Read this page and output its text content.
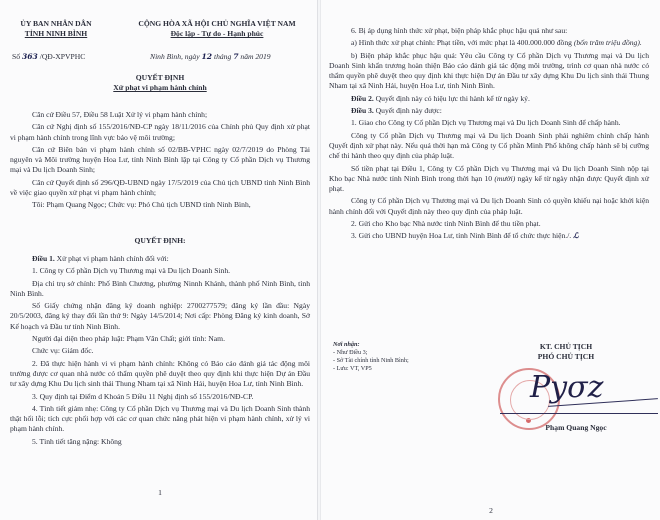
ỦY BAN NHÂN DÂN

TỈNH NINH BÌNH

CỘNG HÒA XÃ HỘI CHỦ NGHĨA VIỆT NAM

Độc lập - Tự do - Hạnh phúc

Số 363 /QĐ-XPVPHC	Ninh Bình, ngày 12 tháng 7 năm 2019

QUYẾT ĐỊNH

Xử phạt vi phạm hành chính

Căn cứ Điều 57, Điều 58 Luật Xử lý vi phạm hành chính;

Căn cứ Nghị định số 155/2016/NĐ-CP ngày 18/11/2016 của Chính phủ Quy định xử phạt vi phạm hành chính trong lĩnh vực bảo vệ môi trường;

Căn cứ Biên bản vi phạm hành chính số 02/BB-VPHC ngày 02/7/2019 do Phòng Tài nguyên và Môi trường huyện Hoa Lư, tỉnh Ninh Bình lập tại Công ty Cổ phần Dịch vụ Thương mại và Du lịch Doanh Sinh;

Căn cứ Quyết định số 296/QĐ-UBND ngày 17/5/2019 của Chủ tịch UBND tỉnh Ninh Bình về việc giao quyền xử phạt vi phạm hành chính;

Tôi: Phạm Quang Ngọc; Chức vụ: Phó Chủ tịch UBND tỉnh Ninh Bình,

QUYẾT ĐỊNH:

Điều 1. Xử phạt vi phạm hành chính đối với:

1. Công ty Cổ phần Dịch vụ Thương mại và Du lịch Doanh Sinh.

Địa chỉ trụ sở chính: Phố Bình Chương, phường Ninnh Khánh, thành phố Ninh Bình, tỉnh Ninh Bình.

Số Giấy chứng nhận đăng ký doanh nghiệp: 2700277579; đăng ký lần đầu: Ngày 20/5/2003, đăng ký thay đổi lần thứ 9: Ngày 14/5/2014; Nơi cấp: Phòng Đăng ký kinh doanh, Sở Kế hoạch và Đầu tư tỉnh Ninh Bình.

Người đại diện theo pháp luật: Phạm Văn Chất; giới tính: Nam.

Chức vụ: Giám đốc.

2. Đã thực hiện hành vi vi phạm hành chính: Không có Báo cáo đánh giá tác động môi trường được cơ quan nhà nước có thẩm quyền phê duyệt theo quy định khi thực hiện Dự án Đầu tư xây dựng Khu Du lịch sinh thái Thung Nham tại xã Ninh Hải, huyện Hoa Lư, tỉnh Ninh Bình.

3. Quy định tại Điểm d Khoản 5 Điều 11 Nghị định số 155/2016/NĐ-CP.

4. Tình tiết giảm nhẹ: Công ty Cổ phần Dịch vụ Thương mại và Du lịch Doanh Sinh thành thật hối lỗi; tích cực phối hợp với các cơ quan chức năng phát hiện vi phạm hành chính, xử lý vi phạm hành chính.

5. Tình tiết tăng nặng: Không

1

6. Bị áp dụng hình thức xử phạt, biện pháp khắc phục hậu quả như sau:

a) Hình thức xử phạt chính: Phạt tiền, với mức phạt là 400.000.000 đồng (bốn trăm triệu đồng).

b) Biện pháp khắc phục hậu quả: Yêu cầu Công ty Cổ phần Dịch vụ Thương mại và Du lịch Doanh Sinh khẩn trương hoàn thiện Báo cáo đánh giá tác động môi trường, trình cơ quan nhà nước có thẩm quyền phê duyệt theo quy định khi thực hiện Dự án Đầu tư xây dựng Khu Du lịch sinh thái Thung Nham tại xã Ninh Hải, huyện Hoa Lư, tỉnh Ninh Bình.

Điều 2. Quyết định này có hiệu lực thi hành kể từ ngày ký.

Điều 3. Quyết định này được:

1. Giao cho Công ty Cổ phần Dịch vụ Thương mại và Du lịch Doanh Sinh để chấp hành.

Công ty Cổ phần Dịch vụ Thương mại và Du lịch Doanh Sinh phải nghiêm chỉnh chấp hành Quyết định xử phạt này. Nếu quá thời hạn mà Công ty Cổ phần Minh Phố không chấp hành sẽ bị cưỡng chế thi hành theo quy định của pháp luật.

Số tiền phạt tại Điều 1, Công ty Cổ phần Dịch vụ Thương mại và Du lịch Doanh Sinh nộp tại Kho bạc Nhà nước tỉnh Ninh Bình trong thời hạn 10 (mười) ngày kể từ ngày nhận được Quyết định xử phạt.

Công ty Cổ phần Dịch vụ Thương mại và Du lịch Doanh Sinh có quyền khiếu nại hoặc khởi kiện hành chính đối với Quyết định này theo quy định của pháp luật.

2. Gửi cho Kho bạc Nhà nước tỉnh Ninh Bình để thu tiền phạt.

3. Gửi cho UBND huyện Hoa Lư, tỉnh Ninh Bình để tổ chức thực hiện./. ℒ

Nơi nhận:

- Như Điều 3;

- Sở Tài chính tỉnh Ninh Bình;

- Lưu: VT, VP5

KT. CHỦ TỊCH

PHÓ CHỦ TỊCH

Phạm Quang Ngọc
2
Pyσz
